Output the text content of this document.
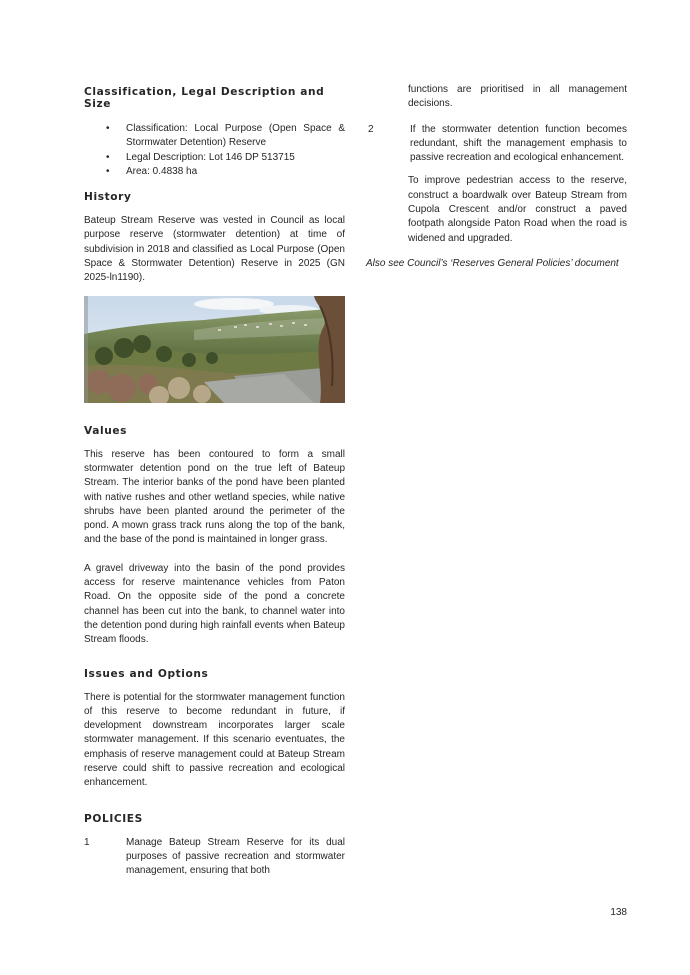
Classification, Legal Description and Size
• Classification: Local Purpose (Open Space & Stormwater Detention) Reserve
• Legal Description: Lot 146 DP 513715
• Area: 0.4838 ha
History

Bateup Stream Reserve was vested in Council as local purpose reserve (stormwater detention) at time of subdivision in 2018 and classified as Local Purpose (Open Space & Stormwater Detention) Reserve in 2025 (GN 2025-ln1190).

Values

This reserve has been contoured to form a small stormwater detention pond on the true left of Bateup Stream. The interior banks of the pond have been planted with native rushes and other wetland species, while native shrubs have been planted around the perimeter of the pond. A mown grass track runs along the top of the bank, and the base of the pond is maintained in longer grass.

A gravel driveway into the basin of the pond provides access for reserve maintenance vehicles from Paton Road. On the opposite side of the pond a concrete channel has been cut into the bank, to channel water into the detention pond during high rainfall events when Bateup Stream floods.

Issues and Options

There is potential for the stormwater management function of this reserve to become redundant in future, if development downstream incorporates larger scale stormwater management. If this scenario eventuates, the emphasis of reserve management could at Bateup Stream reserve could shift to passive recreation and ecological enhancement.

POLICIES
1	Manage Bateup Stream Reserve for its dual purposes of passive recreation and stormwater management, ensuring that both
functions are prioritised in all management decisions.
2	If the stormwater detention function becomes redundant, shift the management emphasis to passive recreation and ecological enhancement.
To improve pedestrian access to the reserve, construct a boardwalk over Bateup Stream from Cupola Crescent and/or construct a paved footpath alongside Paton Road when the road is widened and upgraded.
Also see Council’s ‘Reserves General Policies’ document
138
